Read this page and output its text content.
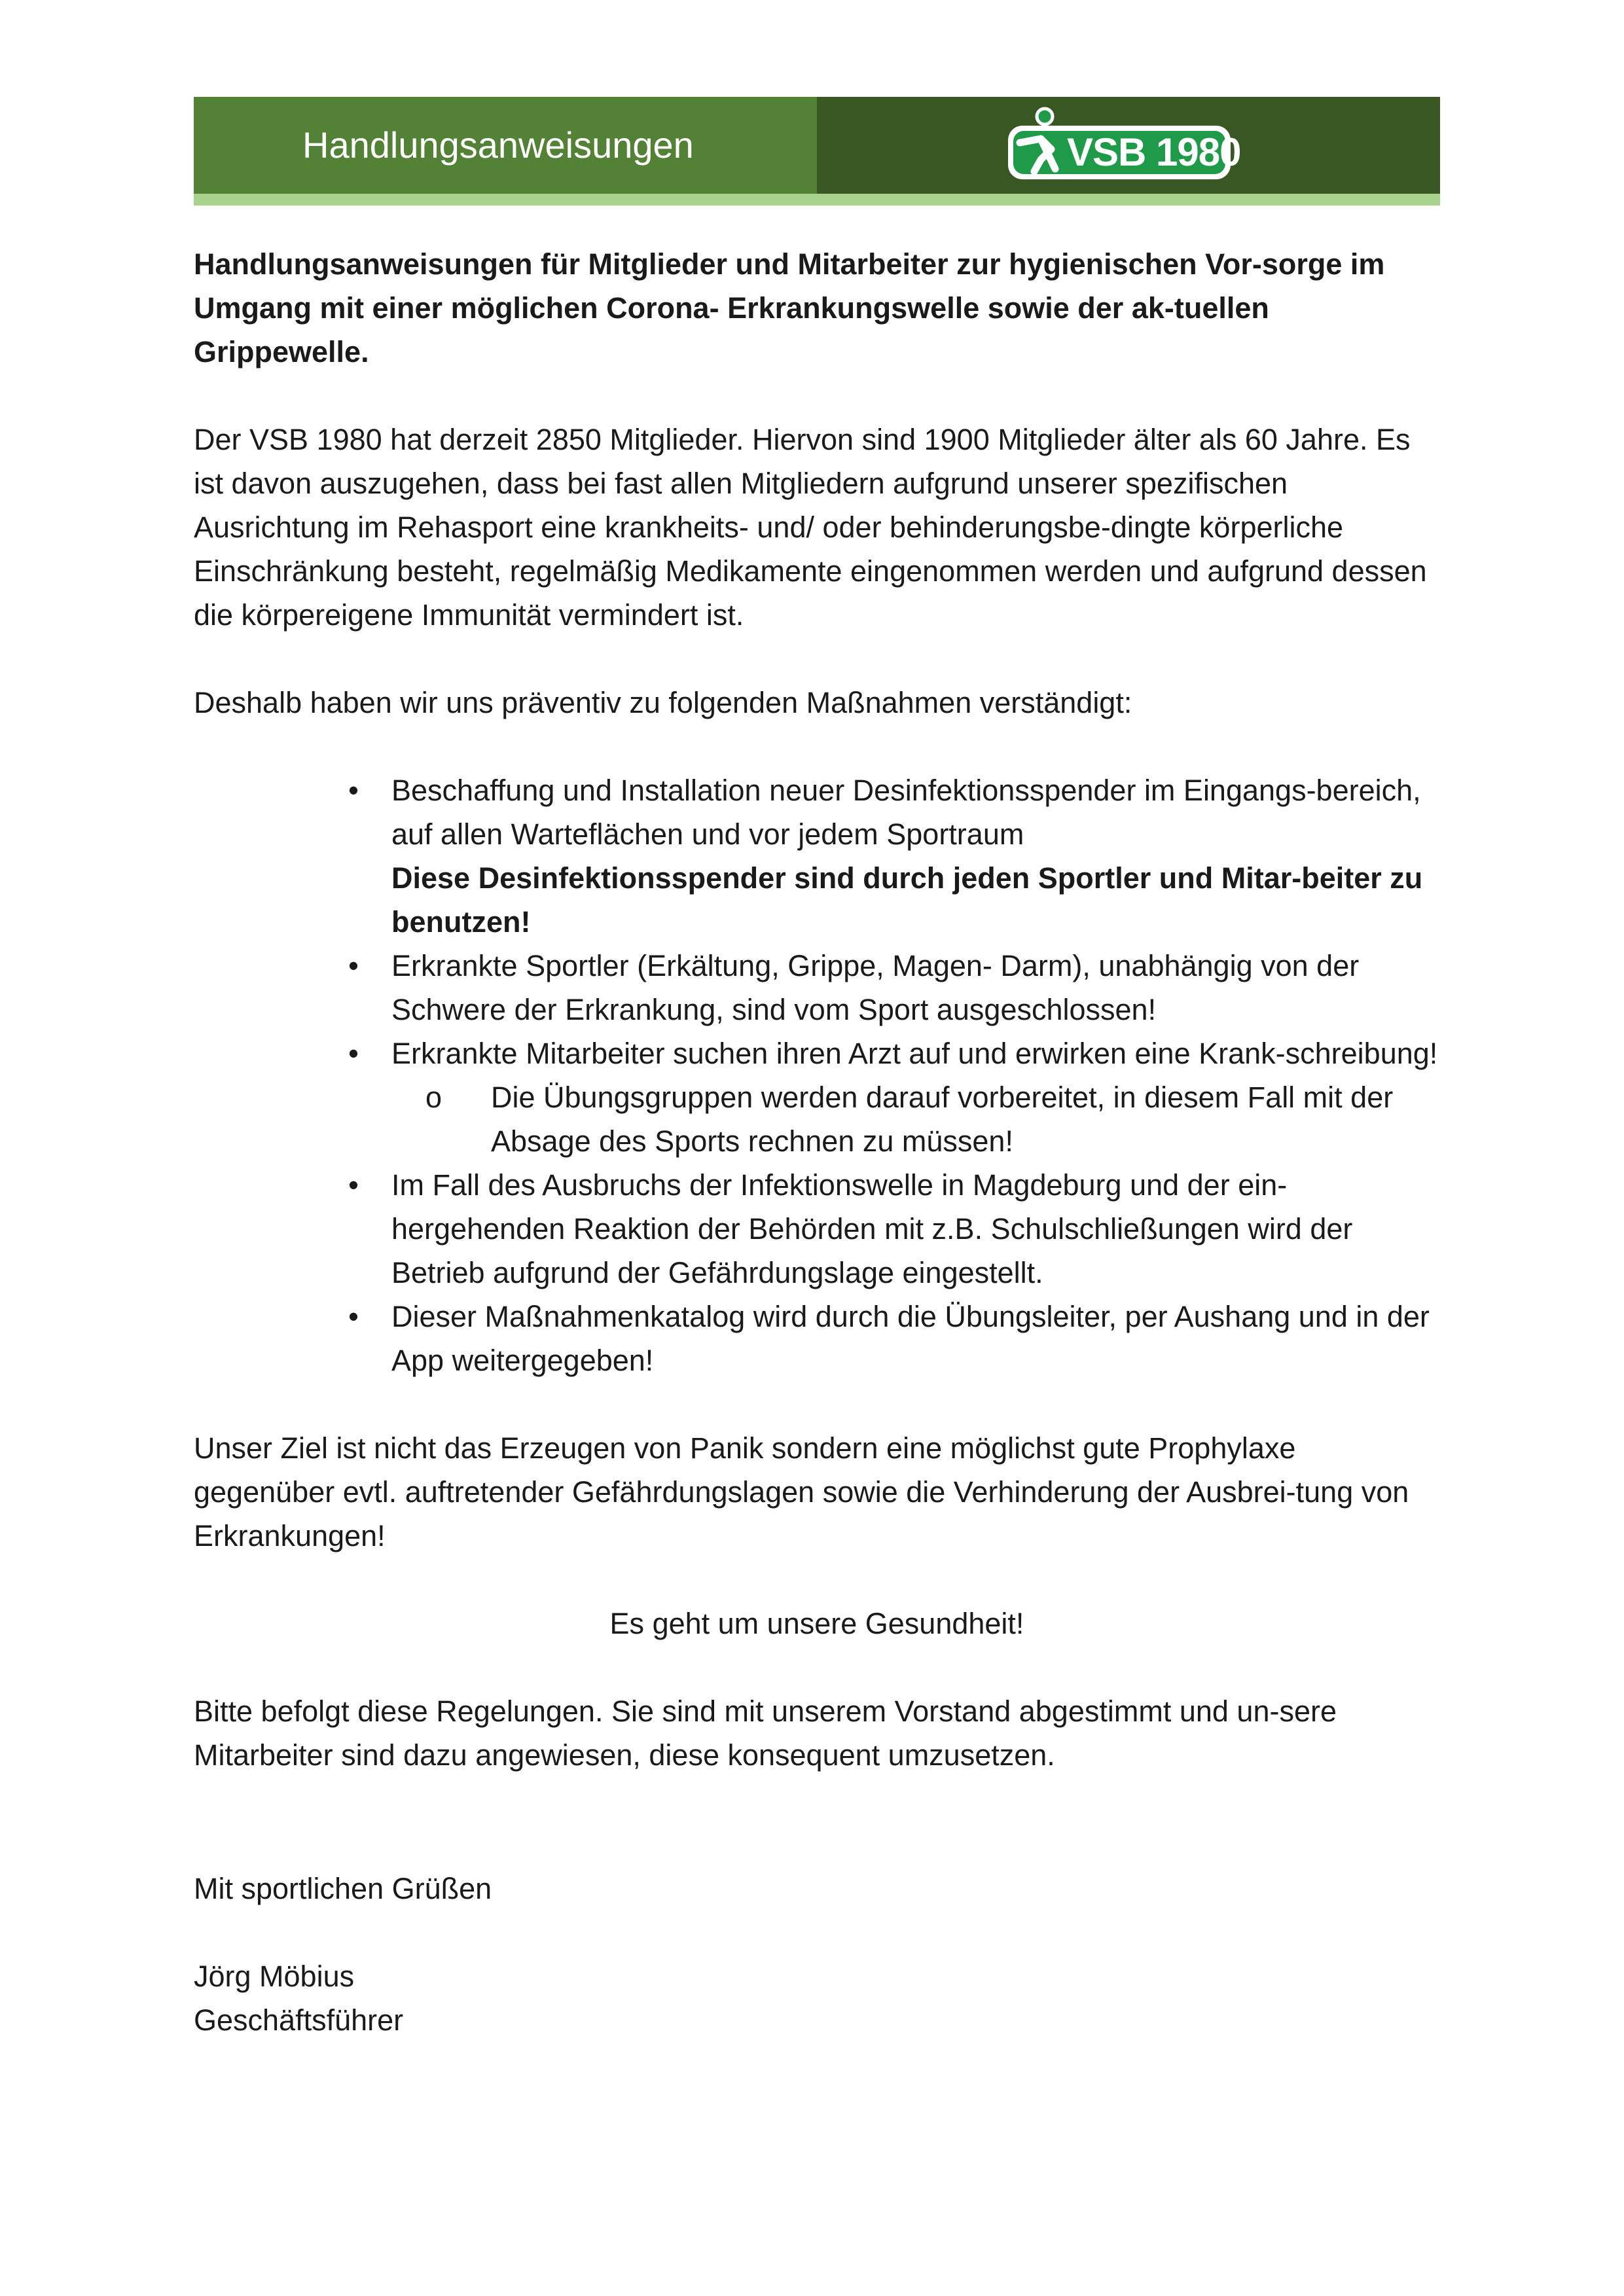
Handlungsanweisungen	VSB 1980

Handlungsanweisungen für Mitglieder und Mitarbeiter zur hygienischen Vor-sorge im Umgang mit einer möglichen Corona- Erkrankungswelle sowie der ak-tuellen Grippewelle.

Der VSB 1980 hat derzeit 2850 Mitglieder. Hiervon sind 1900 Mitglieder älter als 60 Jahre. Es ist davon auszugehen, dass bei fast allen Mitgliedern aufgrund unserer spezifischen Ausrichtung im Rehasport eine krankheits- und/ oder behinderungsbe-dingte körperliche Einschränkung besteht, regelmäßig Medikamente eingenommen werden und aufgrund dessen die körpereigene Immunität vermindert ist.

Deshalb haben wir uns präventiv zu folgenden Maßnahmen verständigt:

• Beschaffung und Installation neuer Desinfektionsspender im Eingangs-bereich, auf allen Warteflächen und vor jedem Sportraum
Diese Desinfektionsspender sind durch jeden Sportler und Mitar-beiter zu benutzen!
• Erkrankte Sportler (Erkältung, Grippe, Magen- Darm), unabhängig von der Schwere der Erkrankung, sind vom Sport ausgeschlossen!
• Erkrankte Mitarbeiter suchen ihren Arzt auf und erwirken eine Krank-schreibung!
o Die Übungsgruppen werden darauf vorbereitet, in diesem Fall mit der Absage des Sports rechnen zu müssen!
• Im Fall des Ausbruchs der Infektionswelle in Magdeburg und der ein-hergehenden Reaktion der Behörden mit z.B. Schulschließungen wird der Betrieb aufgrund der Gefährdungslage eingestellt.
• Dieser Maßnahmenkatalog wird durch die Übungsleiter, per Aushang und in der App weitergegeben!

Unser Ziel ist nicht das Erzeugen von Panik sondern eine möglichst gute Prophylaxe gegenüber evtl. auftretender Gefährdungslagen sowie die Verhinderung der Ausbrei-tung von Erkrankungen!

Es geht um unsere Gesundheit!

Bitte befolgt diese Regelungen. Sie sind mit unserem Vorstand abgestimmt und un-sere Mitarbeiter sind dazu angewiesen, diese konsequent umzusetzen.

Mit sportlichen Grüßen

Jörg Möbius

Geschäftsführer
